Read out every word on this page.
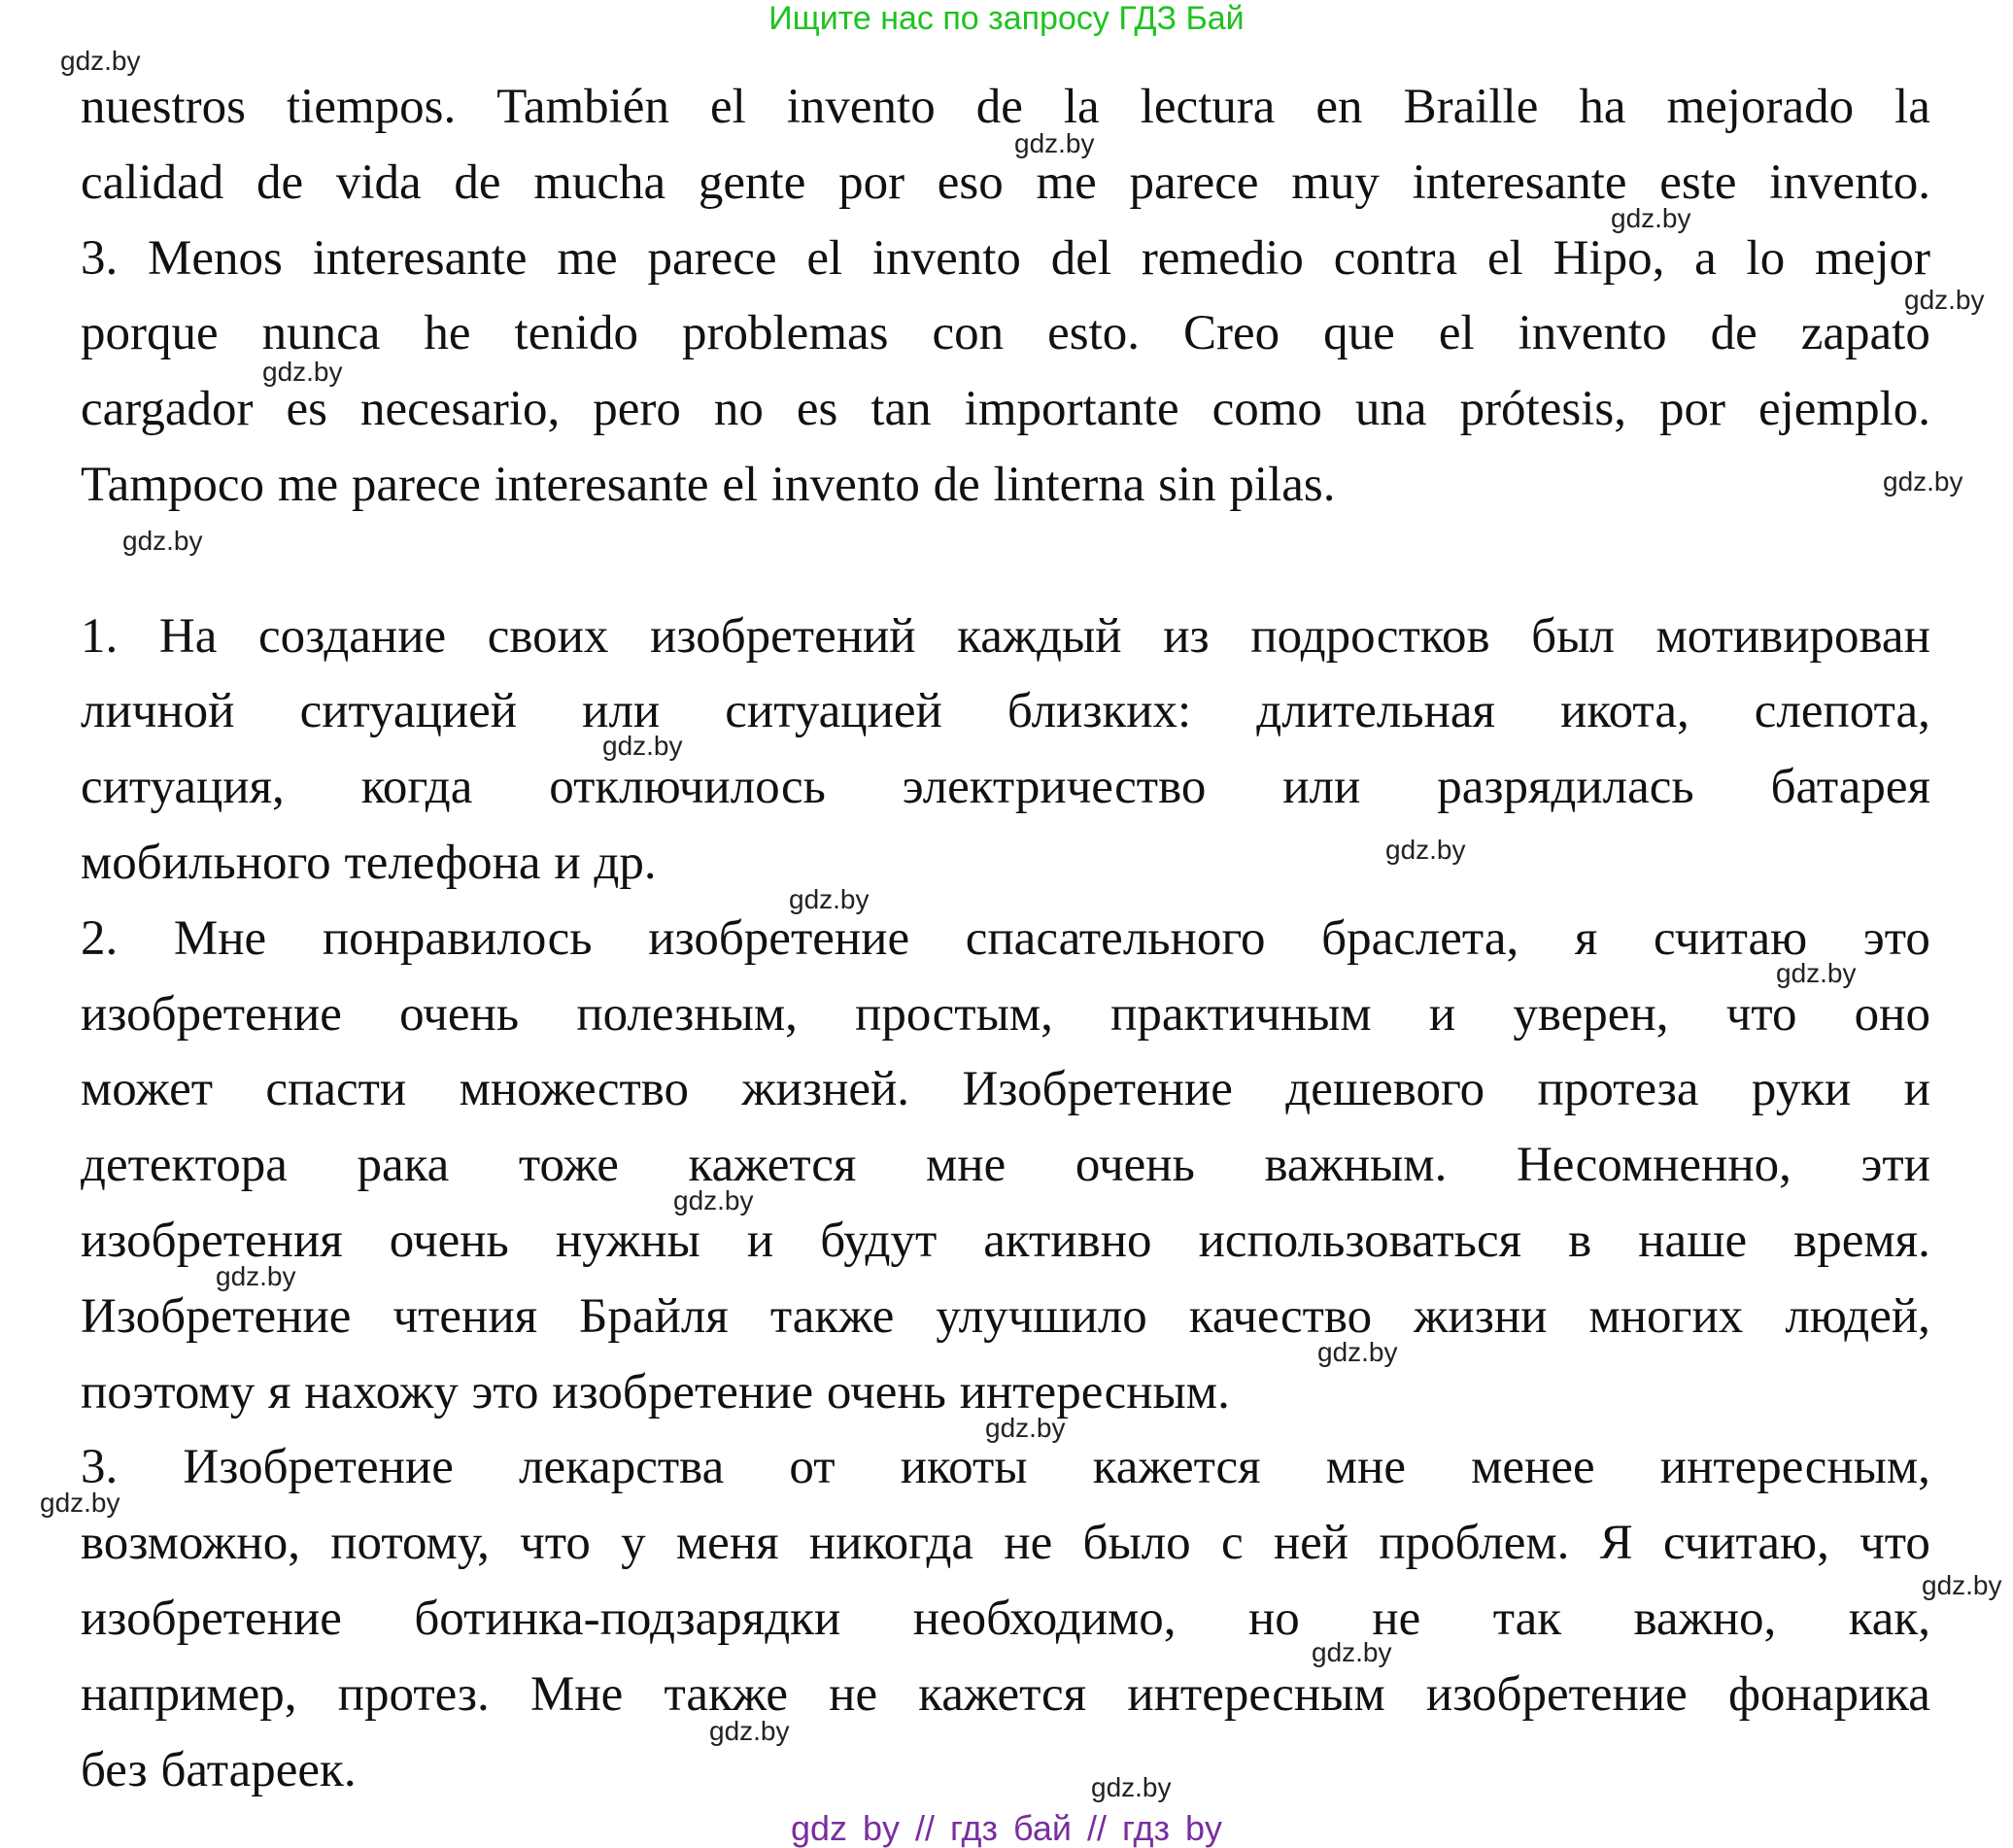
Ищите нас по запросу ГДЗ Бай
nuestros tiempos. También el invento de la lectura en Braille ha mejorado la
calidad de vida de mucha gente por eso me parece muy interesante este invento.
3. Menos interesante me parece el invento del remedio contra el Hipo, a lo mejor
porque nunca he tenido problemas con esto. Creo que el invento de zapato
cargador es necesario, pero no es tan importante como una prótesis, por ejemplo.
Tampoco me parece interesante el invento de linterna sin pilas.
1. На создание своих изобретений каждый из подростков был мотивирован
личной ситуацией или ситуацией близких: длительная икота, слепота,
ситуация, когда отключилось электричество или разрядилась батарея
мобильного телефона и др.
2. Мне понравилось изобретение спасательного браслета, я считаю это
изобретение очень полезным, простым, практичным и уверен, что оно
может спасти множество жизней. Изобретение дешевого протеза руки и
детектора рака тоже кажется мне очень важным. Несомненно, эти
изобретения очень нужны и будут активно использоваться в наше время.
Изобретение чтения Брайля также улучшило качество жизни многих людей,
поэтому я нахожу это изобретение очень интересным.
3. Изобретение лекарства от икоты кажется мне менее интересным,
возможно, потому, что у меня никогда не было с ней проблем. Я считаю, что
изобретение ботинка-подзарядки необходимо, но не так важно, как,
например, протез. Мне также не кажется интересным изобретение фонарика
без батареек.
gdz.by
gdz.by
gdz.by
gdz.by
gdz.by
gdz.by
gdz.by
gdz.by
gdz.by
gdz.by
gdz.by
gdz.by
gdz.by
gdz.by
gdz.by
gdz.by
gdz.by
gdz.by
gdz.by
gdz.by
gdz by // гдз бай // гдз by
